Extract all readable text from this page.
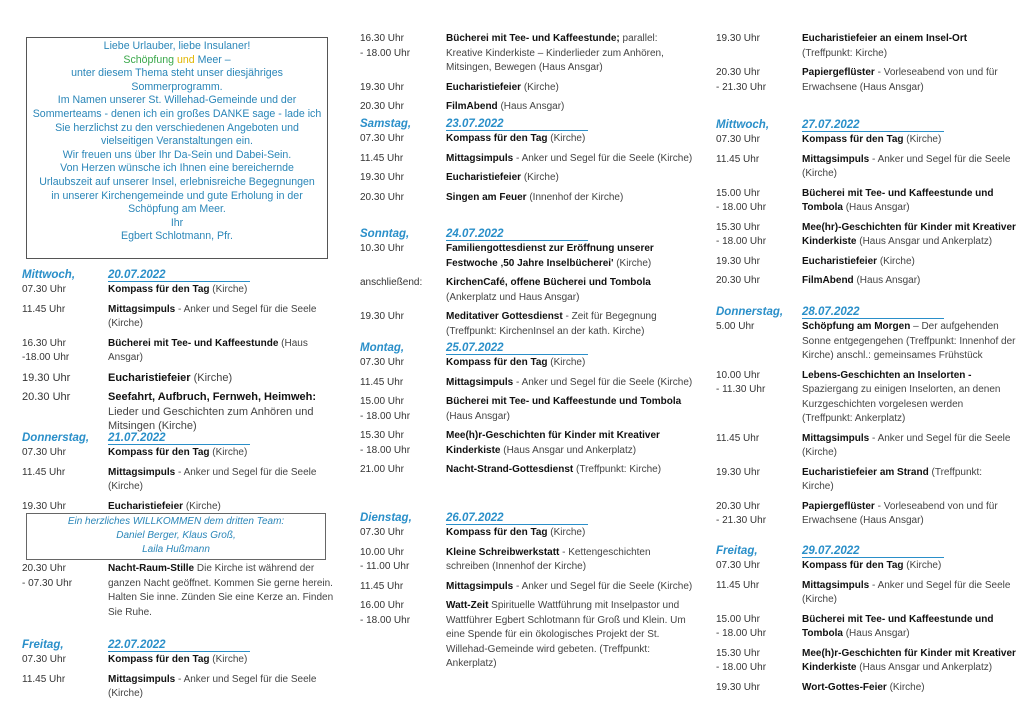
Liebe Urlauber, liebe Insulaner!
Schöpfung und Meer –
unter diesem Thema steht unser diesjähriges
Sommerprogramm.
Im Namen unserer St. Willehad-Gemeinde und der
Sommerteams - denen ich ein großes DANKE sage - lade ich
Sie herzlichst zu den verschiedenen Angeboten und
vielseitigen Veranstaltungen ein.
Wir freuen uns über Ihr Da-Sein und Dabei-Sein.
Von Herzen wünsche ich Ihnen eine bereichernde
Urlaubszeit auf unserer Insel, erlebnisreiche Begegnungen
in unserer Kirchengemeinde und gute Erholung in der
Schöpfung am Meer.
Ihr
Egbert Schlotmann, Pfr.
Ein herzliches WILLKOMMEN dem dritten Team:
Daniel Berger, Klaus Groß,
Laila Hußmann
Mittwoch,	20.07.2022
07.30 Uhr	Kompass für den Tag (Kirche)
11.45 Uhr	Mittagsimpuls - Anker und Segel für die Seele (Kirche)
16.30 Uhr
-18.00 Uhr
Bücherei mit Tee- und Kaffeestunde (Haus Ansgar)
19.30 Uhr	Eucharistiefeier (Kirche)
20.30 Uhr	Seefahrt, Aufbruch, Fernweh, Heimweh: Lieder und Geschichten zum Anhören und Mitsingen (Kirche)
Donnerstag,	21.07.2022
07.30 Uhr	Kompass für den Tag (Kirche)
11.45 Uhr	Mittagsimpuls - Anker und Segel für die Seele (Kirche)
19.30 Uhr	Eucharistiefeier (Kirche)
20.30 Uhr
- 07.30 Uhr
Nacht-Raum-Stille Die Kirche ist während der ganzen Nacht geöffnet. Kommen Sie gerne herein. Halten Sie inne. Zünden Sie eine Kerze an. Finden Sie Ruhe.
Freitag,	22.07.2022
07.30 Uhr	Kompass für den Tag (Kirche)
11.45 Uhr	Mittagsimpuls - Anker und Segel für die Seele (Kirche)
16.30 Uhr
- 18.00 Uhr
Bücherei mit Tee- und Kaffeestunde; parallel: Kreative Kinderkiste – Kinderlieder zum Anhören, Mitsingen, Bewegen (Haus Ansgar)
19.30 Uhr	Eucharistiefeier (Kirche)
20.30 Uhr	FilmAbend (Haus Ansgar)
Samstag,	23.07.2022
07.30 Uhr	Kompass für den Tag (Kirche)
11.45 Uhr	Mittagsimpuls - Anker und Segel für die Seele (Kirche)
19.30 Uhr	Eucharistiefeier (Kirche)
20.30 Uhr	Singen am Feuer (Innenhof der Kirche)
Sonntag,	24.07.2022
10.30 Uhr	Familiengottesdienst zur Eröffnung unserer Festwoche ‚50 Jahre Inselbücherei' (Kirche)
anschließend:	KirchenCafé, offene Bücherei und Tombola (Ankerplatz und Haus Ansgar)
19.30 Uhr	Meditativer Gottesdienst - Zeit für Begegnung (Treffpunkt: KirchenInsel an der kath. Kirche)
Montag,	25.07.2022
07.30 Uhr	Kompass für den Tag (Kirche)
11.45 Uhr	Mittagsimpuls - Anker und Segel für die Seele (Kirche)
15.00 Uhr
- 18.00 Uhr
Bücherei mit Tee- und Kaffeestunde und Tombola (Haus Ansgar)
15.30 Uhr
- 18.00 Uhr
Mee(h)r-Geschichten für Kinder mit Kreativer Kinderkiste (Haus Ansgar und Ankerplatz)
21.00 Uhr	Nacht-Strand-Gottesdienst (Treffpunkt: Kirche)
Dienstag,	26.07.2022
07.30 Uhr	Kompass für den Tag (Kirche)
10.00 Uhr
- 11.00 Uhr
Kleine Schreibwerkstatt - Kettengeschichten schreiben (Innenhof der Kirche)
11.45 Uhr	Mittagsimpuls - Anker und Segel für die Seele (Kirche)
16.00 Uhr
- 18.00 Uhr
Watt-Zeit Spirituelle Wattführung mit Inselpastor und Wattführer Egbert Schlotmann für Groß und Klein. Um eine Spende für ein ökologisches Projekt der St. Willehad-Gemeinde wird gebeten. (Treffpunkt: Ankerplatz)
19.30 Uhr	Eucharistiefeier an einem Insel-Ort (Treffpunkt: Kirche)
20.30 Uhr
- 21.30 Uhr
Papiergeflüster - Vorleseabend von und für Erwachsene (Haus Ansgar)
Mittwoch,	27.07.2022
07.30 Uhr	Kompass für den Tag (Kirche)
11.45 Uhr	Mittagsimpuls - Anker und Segel für die Seele (Kirche)
15.00 Uhr
- 18.00 Uhr
Bücherei mit Tee- und Kaffeestunde und Tombola (Haus Ansgar)
15.30 Uhr
- 18.00 Uhr
Mee(hr)-Geschichten für Kinder mit Kreativer Kinderkiste (Haus Ansgar und Ankerplatz)
19.30 Uhr	Eucharistiefeier (Kirche)
20.30 Uhr	FilmAbend (Haus Ansgar)
Donnerstag,	28.07.2022
5.00 Uhr	Schöpfung am Morgen – Der aufgehenden Sonne entgegengehen (Treffpunkt: Innenhof der Kirche) anschl.: gemeinsames Frühstück
10.00 Uhr
- 11.30 Uhr
Lebens-Geschichten an Inselorten - Spaziergang zu einigen Inselorten, an denen Kurzgeschichten vorgelesen werden (Treffpunkt: Ankerplatz)
11.45 Uhr	Mittagsimpuls - Anker und Segel für die Seele (Kirche)
19.30 Uhr	Eucharistiefeier am Strand (Treffpunkt: Kirche)
20.30 Uhr
- 21.30 Uhr
Papiergeflüster - Vorleseabend von und für Erwachsene (Haus Ansgar)
Freitag,	29.07.2022
07.30 Uhr	Kompass für den Tag (Kirche)
11.45 Uhr	Mittagsimpuls - Anker und Segel für die Seele (Kirche)
15.00 Uhr
- 18.00 Uhr
Bücherei mit Tee- und Kaffeestunde und Tombola (Haus Ansgar)
15.30 Uhr
- 18.00 Uhr
Mee(h)r-Geschichten für Kinder mit Kreativer Kinderkiste (Haus Ansgar und Ankerplatz)
19.30 Uhr	Wort-Gottes-Feier (Kirche)
